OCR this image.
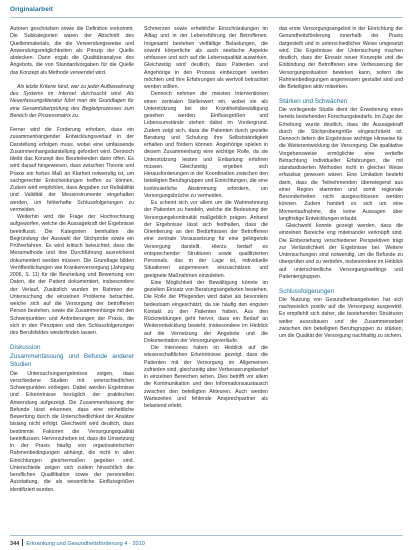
Originalarbeit

Autoren geschrieben sowie die Definition vorkommt. Die Subkategorien waren der Abschnitt des Quellenmaterials, die die Verwendungsweise und Anwendungsmöglichkeiten als Prinzip der Quelle abdecken. Dann ergab die Qualitätsanalyse des Angebots, die von Standardvorgaben für die Quelle das Konzept als Methode verwendet wird.

Als letzte Kriterie fand, wer zu jeder Aufbewahrung des Systems im Internet durchsucht wird. Als Neuerfassungsliteratur führt man die Grundlagen für eine Gesamtüberprüfung des Begleitprozesses zum Bereich der Prozessmatrix zu.

Ferner wird die Forderung erhoben, dass ein zusammenhängender Entwicklungsverlauf in der Darstellung erfolgen muss, wobei eine umfassende Zusammenhangsdarstellung gefordert wird. Dennoch bleibt das Konzept des Beurteilenden dann offen. Es wird darauf hingewiesen, dass zwischen Theorie und Praxis ein hohes Maß an Klarheit notwendig ist, um sachgerechte Entscheidungen treffen zu können. Zudem wird empfohlen, dass Angaben zur Reliabilität und Validität der Messinstrumente eingehalten werden, um fehlerhafte Schlussfolgerungen zu vermeiden.

Weiterhin wird die Frage der Hochrechnung aufgeworfen, welche die Aussagekraft der Ergebnisse beeinflusst. Die Kategorien beinhalten die Begründung der Auswahl der Stichprobe sowie ein Prüfverfahren. Es wird kritisch beleuchtet, dass die Messmethode und ihre Durchführung ausreichend dokumentiert werden müssen. Die Grundlage bilden Veröffentlichungen wie Krankenversorgung (Jahrgang 2006, S. 11) für die Beurteilung und Bewertung von Daten, die der Patient dokumentiert, insbesondere der Verlauf. Zusätzlich wurden im Rahmen der Untersuchung die einzelnen Probleme betrachtet, welche sich auf die Versorgung der betroffenen Person beziehen, sowie die Zusammenhänge mit den Schwerpunkten und Anforderungen der Praxis, die sich in den Prinzipien und den Schlussfolgerungen des Berufsfeldes wiederfinden lassen.

Diskussion
Zusammenfassung und Befunde anderer Studien

Die Untersuchungsergebnisse zeigen, dass verschiedene Studien mit unterschiedlichen Schwerpunkten vorliegen. Dabei werden Ergebnisse und Erkenntnisse bezüglich der praktischen Anwendung aufgezeigt. Die Zusammenfassung der Befunde lässt erkennen, dass eine einheitliche Bewertung durch die Unterschiedlichkeit der Ansätze bislang nicht erfolgt. Gleichwohl wird deutlich, dass bestimmte Faktoren die Versorgungsqualität beeinflussen. Hervorzuheben ist, dass die Umsetzung in der Praxis häufig von organisatorischen Rahmenbedingungen abhängt, die nicht in allen Einrichtungen gleichermaßen gegeben sind. Unterschiede zeigen sich zudem hinsichtlich der beruflichen Qualifikation sowie der personellen Ausstattung, die als wesentliche Einflussgrößen identifiziert wurden.

Schmerzen sowie erhebliche Einschränkungen im Alltag und in der Lebensführung der Betroffenen. Insgesamt bestehen vielfältige Belastungen, die sowohl körperliche als auch seelische Aspekte umfassen und sich auf die Lebensqualität auswirken. Gleichzeitig wird deutlich, dass Patienten und Angehörige in den Prozess einbezogen werden möchten und ihre Erfahrungen als wertvoll betrachtet werden sollten.

Dennoch nehmen die meisten Interventionen einen zentralen Stellenwert ein, wobei sie als Unterstützung bei der Krankheitsbewältigung gesehen werden. Einflussgrößen und Lebensumstände stehen dabei im Vordergrund. Zudem zeigt sich, dass die Patienten durch gezielte Beratung und Schulung ihre Selbstständigkeit erhalten und fördern können. Angehörige spielen in diesem Zusammenhang eine wichtige Rolle, da sie Unterstützung leisten und Entlastung erfahren müssen. Gleichzeitig ergeben sich Herausforderungen in der Koordination zwischen den beteiligten Berufsgruppen und Einrichtungen, die eine kontinuierliche Abstimmung erfordern, um Versorgungsbrüche zu vermeiden.

Es scheint sich vor allem um die Wahrnehmung der Patienten zu handeln, welche die Bedeutung der Versorgungskontinuität maßgeblich prägen. Anhand der Ergebnisse lässt sich festhalten, dass die Orientierung an den Bedürfnissen der Betroffenen eine zentrale Voraussetzung für eine gelingende Versorgung darstellt. Hierzu bedarf es entsprechender Strukturen sowie qualifizierten Personals, das in der Lage ist, individuelle Situationen angemessen einzuschätzen und geeignete Maßnahmen einzuleiten.

Eine Möglichkeit der Bewältigung könnte im gezielten Einsatz von Beratungsangeboten bestehen. Die Rolle der Pflegenden wird dabei als besonders bedeutsam eingeschätzt, da sie häufig den engsten Kontakt zu den Patienten haben. Aus den Rückmeldungen geht hervor, dass ein Bedarf an Weiterentwicklung besteht, insbesondere im Hinblick auf die Vernetzung der Angebote und die Dokumentation der Versorgungsverläufe.

Die Interviews haben im Hinblick auf die wissenschaftlichen Erkenntnisse gezeigt, dass die Patienten mit der Versorgung im Allgemeinen zufrieden sind, gleichzeitig aber Verbesserungsbedarf in einzelnen Bereichen sehen. Dies betrifft vor allem die Kommunikation und den Informationsaustausch zwischen den beteiligten Akteuren. Auch werden Wartezeiten und fehlende Ansprechpartner als belastend erlebt.

das erste Versorgungsangebot in der Einrichtung der Gesundheitsförderung innerhalb der Praxis dargestellt und in unterschiedlicher Weise umgesetzt wird. Die Ergebnisse der Untersuchung machen deutlich, dass der Einsatz neuer Konzepte und die Einbindung der Betroffenen eine Verbesserung der Versorgungssituation bewirken kann, sofern die Rahmenbedingungen angemessen gestaltet sind und die Beteiligten aktiv mitwirken.

Stärken und Schwächen

Die vorliegende Studie dient der Erweiterung eines bereits bestehenden Forschungsbedarfs. Im Zuge der Erhebung wurde deutlich, dass die Aussagekraft durch die Stichprobengröße eingeschränkt ist. Dennoch liefern die Ergebnisse wichtige Hinweise für die Weiterentwicklung der Versorgung. Die qualitative Vorgehensweise ermöglichte eine vertiefte Betrachtung individueller Erfahrungen, die mit standardisierten Methoden nicht in gleicher Weise erfassbar gewesen wären. Eine Limitation besteht darin, dass die Teilnehmenden überwiegend aus einer Region stammten und somit regionale Besonderheiten nicht ausgeschlossen werden können. Zudem handelt es sich um eine Momentaufnahme, die keine Aussagen über langfristige Entwicklungen erlaubt.

Gleichwohl konnte gezeigt werden, dass die einzelnen Bereiche eng miteinander verknüpft sind. Die Einbeziehung verschiedener Perspektiven trägt zur Verlässlichkeit der Ergebnisse bei. Weitere Untersuchungen sind notwendig, um die Befunde zu überprüfen und zu vertiefen, insbesondere im Hinblick auf unterschiedliche Versorgungssettings und Patientengruppen.

Schlussfolgerungen

Die Nutzung von Gesundheitsangeboten hat sich nachweislich positiv auf die Versorgung ausgewirkt. Es empfiehlt sich daher, die bestehenden Strukturen weiter auszubauen und die Zusammenarbeit zwischen den beteiligten Berufsgruppen zu stärken, um die Qualität der Versorgung nachhaltig zu sichern.

344 Erkrankung und Gesundheitsförderung 4 · 2010
